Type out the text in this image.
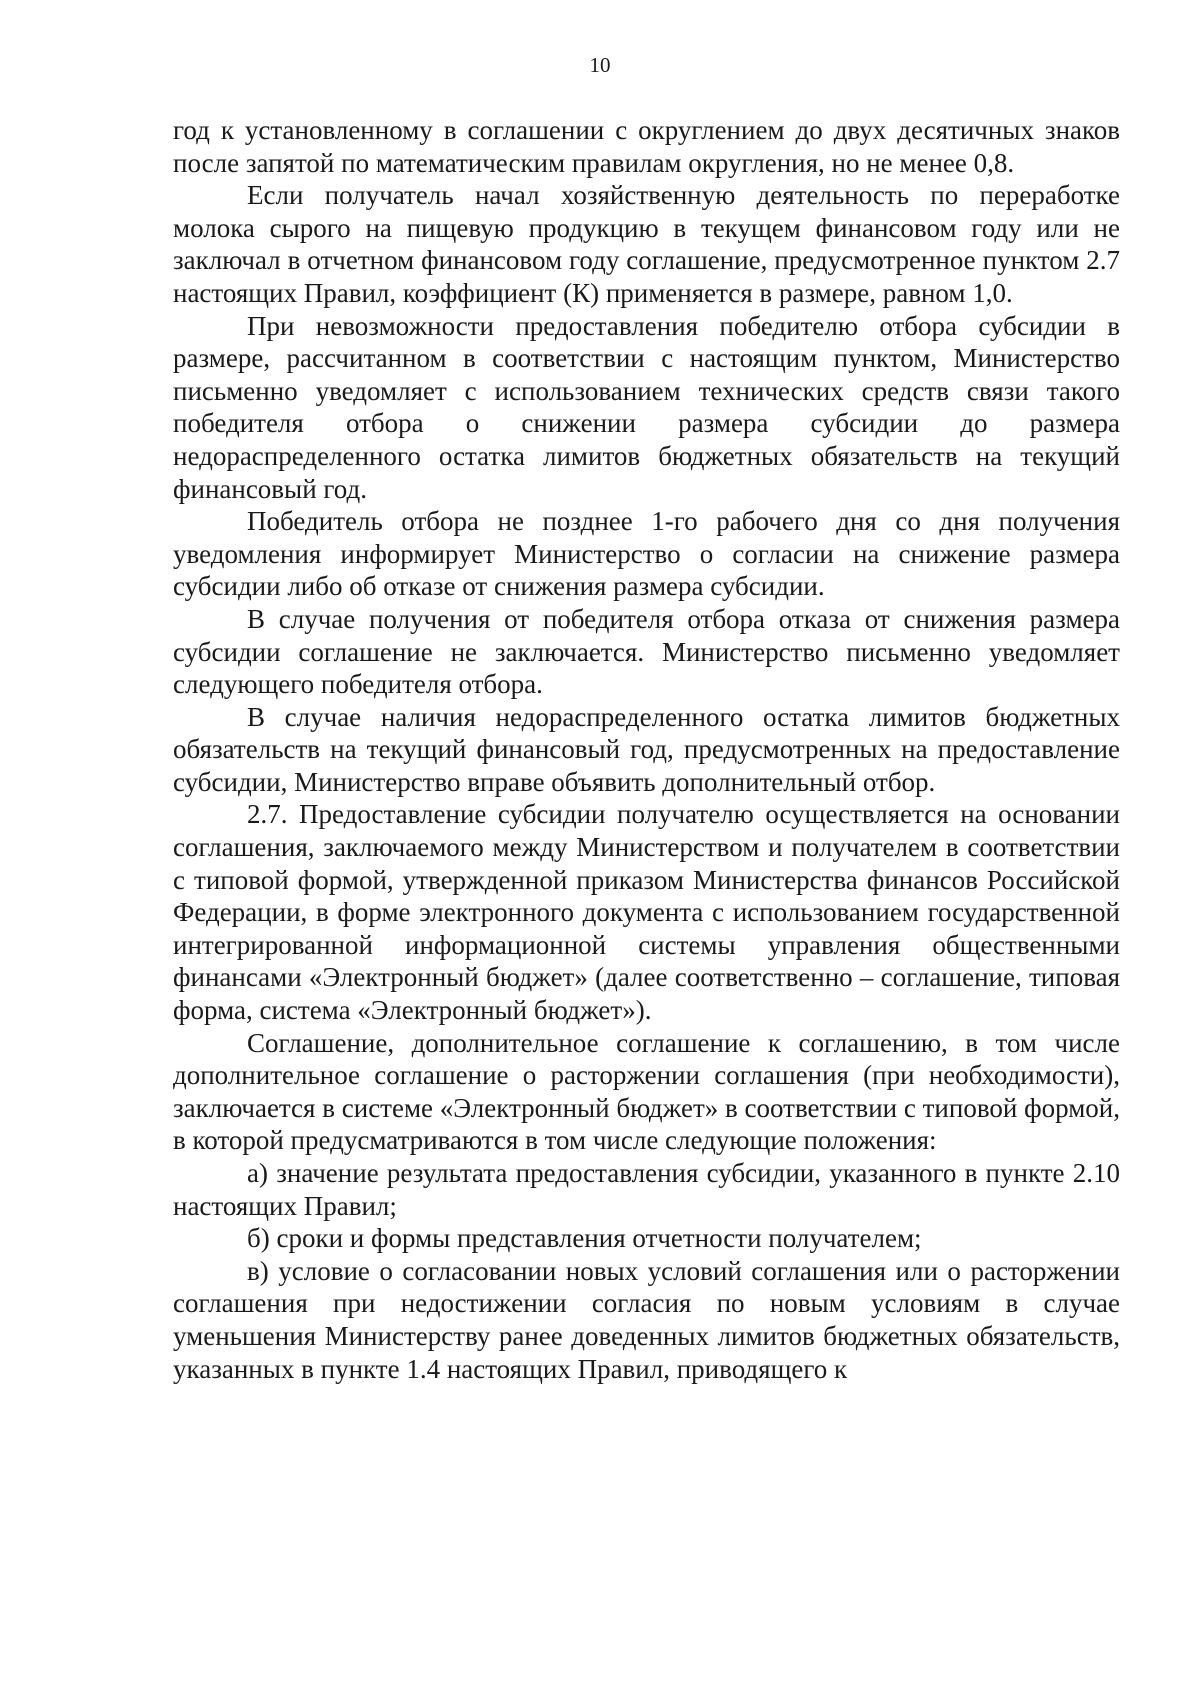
10

год к установленному в соглашении с округлением до двух десятичных знаков после запятой по математическим правилам округления, но не менее 0,8.

Если получатель начал хозяйственную деятельность по переработке молока сырого на пищевую продукцию в текущем финансовом году или не заключал в отчетном финансовом году соглашение, предусмотренное пунктом 2.7 настоящих Правил, коэффициент (К) применяется в размере, равном 1,0.

При невозможности предоставления победителю отбора субсидии в размере, рассчитанном в соответствии с настоящим пунктом, Министерство письменно уведомляет с использованием технических средств связи такого победителя отбора о снижении размера субсидии до размера недораспределенного остатка лимитов бюджетных обязательств на текущий финансовый год.

Победитель отбора не позднее 1-го рабочего дня со дня получения уведомления информирует Министерство о согласии на снижение размера субсидии либо об отказе от снижения размера субсидии.

В случае получения от победителя отбора отказа от снижения размера субсидии соглашение не заключается. Министерство письменно уведомляет следующего победителя отбора.

В случае наличия недораспределенного остатка лимитов бюджетных обязательств на текущий финансовый год, предусмотренных на предоставление субсидии, Министерство вправе объявить дополнительный отбор.

2.7. Предоставление субсидии получателю осуществляется на основании соглашения, заключаемого между Министерством и получателем в соответствии с типовой формой, утвержденной приказом Министерства финансов Российской Федерации, в форме электронного документа с использованием государственной интегрированной информационной системы управления общественными финансами «Электронный бюджет» (далее соответственно – соглашение, типовая форма, система «Электронный бюджет»).

Соглашение, дополнительное соглашение к соглашению, в том числе дополнительное соглашение о расторжении соглашения (при необходимости), заключается в системе «Электронный бюджет» в соответствии с типовой формой, в которой предусматриваются в том числе следующие положения:

а) значение результата предоставления субсидии, указанного в пункте 2.10 настоящих Правил;

б) сроки и формы представления отчетности получателем;

в) условие о согласовании новых условий соглашения или о расторжении соглашения при недостижении согласия по новым условиям в случае уменьшения Министерству ранее доведенных лимитов бюджетных обязательств, указанных в пункте 1.4 настоящих Правил, приводящего к
